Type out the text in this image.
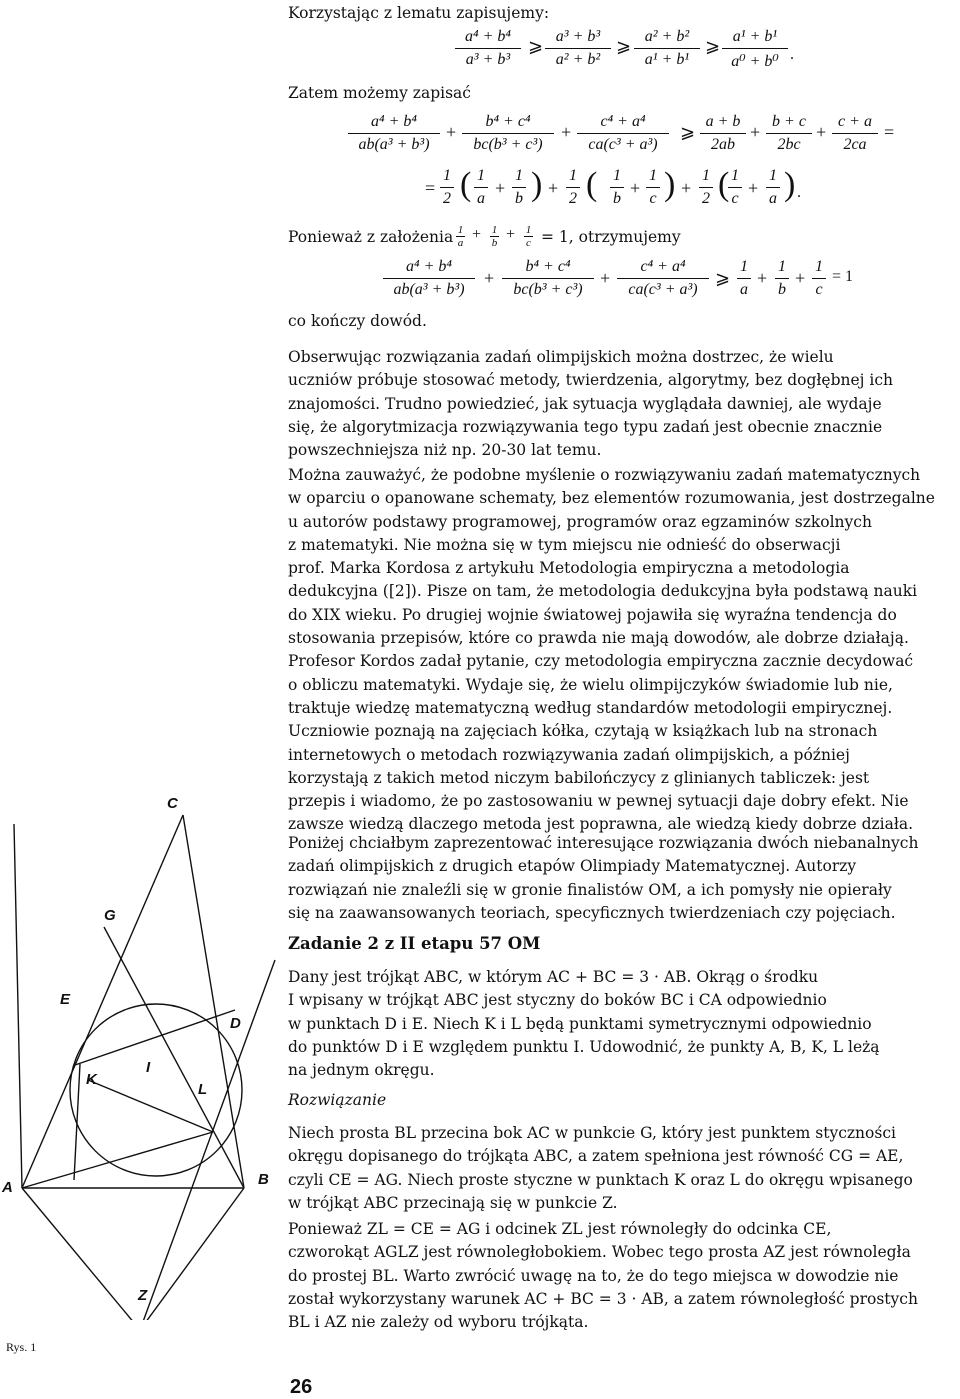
Korzystając z lematu zapisujemy:
a⁴ + b⁴
a³ + b³
⩾ a³ + b³
a² + b²
⩾ a² + b²
a¹ + b¹
⩾ a¹ + b¹
a⁰ + b⁰ .
Zatem możemy zapisać
a⁴ + b⁴
ab(a³ + b³)
+
b⁴ + c⁴
bc(b³ + c³)
+
c⁴ + a⁴
ca(c³ + a³)
⩾
a + b
2ab
+
b + c
2bc
+
c + a
2ca
=
=
1
2 ( 1
a
+
1
b ) +
1
2 ( 1
b
+
1
c ) +
1
2 ( 1
c
+
1
a ) .
Ponieważ z założenia 1
a + 1
b + 1
c = 1, otrzymujemy
a⁴ + b⁴
ab(a³ + b³)
+
b⁴ + c⁴
bc(b³ + c³)
+
c⁴ + a⁴
ca(c³ + a³)
⩾
1
a
+
1
b
+
1
c
= 1
co kończy dowód.
Obserwując rozwiązania zadań olimpijskich można dostrzec, że wielu
uczniów próbuje stosować metody, twierdzenia, algorytmy, bez dogłębnej ich
znajomości. Trudno powiedzieć, jak sytuacja wyglądała dawniej, ale wydaje
się, że algorytmizacja rozwiązywania tego typu zadań jest obecnie znacznie
powszechniejsza niż np. 20-30 lat temu.
Można zauważyć, że podobne myślenie o rozwiązywaniu zadań matematycznych
w oparciu o opanowane schematy, bez elementów rozumowania, jest dostrzegalne
u autorów podstawy programowej, programów oraz egzaminów szkolnych
z matematyki. Nie można się w tym miejscu nie odnieść do obserwacji
prof. Marka Kordosa z artykułu Metodologia empiryczna a metodologia
dedukcyjna ([2]). Pisze on tam, że metodologia dedukcyjna była podstawą nauki
do XIX wieku. Po drugiej wojnie światowej pojawiła się wyraźna tendencja do
stosowania przepisów, które co prawda nie mają dowodów, ale dobrze działają.
Profesor Kordos zadał pytanie, czy metodologia empiryczna zacznie decydować
o obliczu matematyki. Wydaje się, że wielu olimpijczyków świadomie lub nie,
traktuje wiedzę matematyczną według standardów metodologii empirycznej.
Uczniowie poznają na zajęciach kółka, czytają w książkach lub na stronach
internetowych o metodach rozwiązywania zadań olimpijskich, a później
korzystają z takich metod niczym babilończycy z glinianych tabliczek: jest
przepis i wiadomo, że po zastosowaniu w pewnej sytuacji daje dobry efekt. Nie
zawsze wiedzą dlaczego metoda jest poprawna, ale wiedzą kiedy dobrze działa.
Poniżej chciałbym zaprezentować interesujące rozwiązania dwóch niebanalnych
zadań olimpijskich z drugich etapów Olimpiady Matematycznej. Autorzy
rozwiązań nie znaleźli się w gronie finalistów OM, a ich pomysły nie opierały
się na zaawansowanych teoriach, specyficznych twierdzeniach czy pojęciach.
Zadanie 2 z II etapu 57 OM
Dany jest trójkąt ABC, w którym AC + BC = 3 · AB. Okrąg o środku
I wpisany w trójkąt ABC jest styczny do boków BC i CA odpowiednio
w punktach D i E. Niech K i L będą punktami symetrycznymi odpowiednio
do punktów D i E względem punktu I. Udowodnić, że punkty A, B, K, L leżą
na jednym okręgu.
Rozwiązanie
Niech prosta BL przecina bok AC w punkcie G, który jest punktem styczności
okręgu dopisanego do trójkąta ABC, a zatem spełniona jest równość CG = AE,
czyli CE = AG. Niech proste styczne w punktach K oraz L do okręgu wpisanego
w trójkąt ABC przecinają się w punkcie Z.
Ponieważ ZL = CE = AG i odcinek ZL jest równoległy do odcinka CE,
czworokąt AGLZ jest równoległobokiem. Wobec tego prosta AZ jest równoległa
do prostej BL. Warto zwrócić uwagę na to, że do tego miejsca w dowodzie nie
został wykorzystany warunek AC + BC = 3 · AB, a zatem równoległość prostych
BL i AZ nie zależy od wyboru trójkąta.
C
G
E
D
I
K
L
A	B
Z
Rys. 1
26
